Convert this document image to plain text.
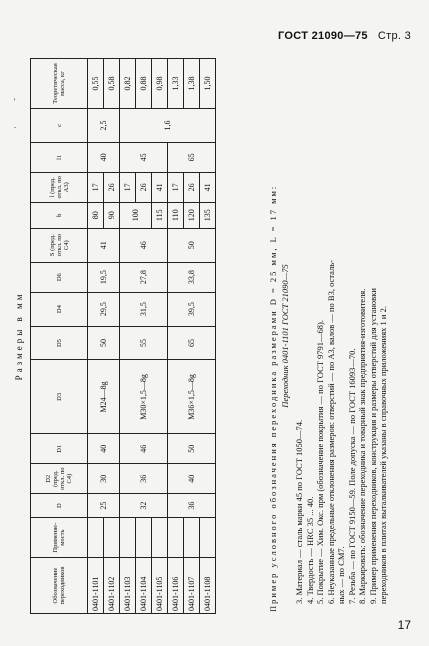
ГОСТ 21090—75 Стр. 3
'
.
Размеры в мм
Обозначение переходников	Применяемость	D	D2 (пред. откл. по C4)	D1	D3	D5	D4	D6	S (пред. откл. по C4)	b	l (пред. откл. по A3)	l1	c	Теоретическая масса, кг
0401-1101		25	30	40	M24—8g	50	29,5	19,5	41	80	17	40	2,5	0,55
0401-1102										90	26			0,58
0401-1103		32	36	46	M30×1,5—8g	55	31,5	27,8	46	100	17	45	1,6	0,82
0401-1104											26			0,88
0401-1105										115	41			0,98
0401-1106		36	40	50	M36×1,5—8g	65	39,5	33,8	50	110	17	65		1,33
0401-1107										120	26			1,38
0401-1108										135	41			1,50
Пример условного обозначения переходника размерами D = 25 мм, L = 17 мм: Переходник 0401-1101 ГОСТ 21090—75
3. Материал — сталь марки 45 по ГОСТ 1050—74. 4. Твердость — HRC 35 ... 40. 5. Покрытие — Хим. Окс. прм (обозначение покрытия — по ГОСТ 9791—68). 6. Неуказанные предельные отклонения размеров: отверстий — по A3, валов — по B3, осталь- ных — по CM7. 7. Резьба — по ГОСТ 9150—59. Поле допуска — по ГОСТ 16093—70. 8. Маркировать: обозначение переходника и товарный знак предприятия-изготовителя. 9. Пример применения переходников, конструкция и размеры отверстий для установки переходников в плитах выталкивателей указаны в справочных приложениях 1 и 2.
17
